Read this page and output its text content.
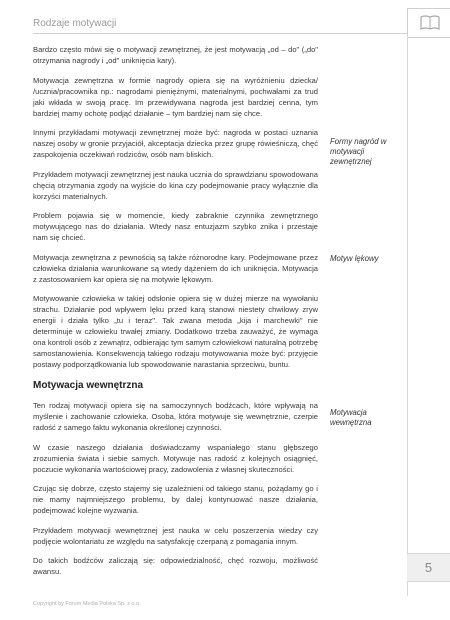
Rodzaje motywacji

Bardzo często mówi się o motywacji zewnętrznej, że jest motywacją „od – do" („do" otrzymania nagrody i „od" uniknięcia kary).

Motywacja zewnętrzna w formie nagrody opiera się na wyróżnieniu dziecka/ /ucznia/pracownika np.: nagrodami pieniężnymi, materialnymi, pochwałami za trud jaki wkłada w swoją pracę. Im przewidywana nagroda jest bardziej cenna, tym bardziej mamy ochotę podjąć działanie – tym bardziej nam się chce.

Innymi przykładami motywacji zewnętrznej może być: nagroda w postaci uznania naszej osoby w gronie przyjaciół, akceptacja dziecka przez grupę rówieśniczą, chęć zaspokojenia oczekiwań rodziców, osób nam bliskich.

Przykładem motywacji zewnętrznej jest nauka ucznia do sprawdzianu spowodowana chęcią otrzymania zgody na wyjście do kina czy podejmowanie pracy wyłącznie dla korzyści materialnych.

Problem pojawia się w momencie, kiedy zabraknie czynnika zewnętrznego motywującego nas do działania. Wtedy nasz entuzjazm szybko znika i przestaje nam się chcieć.

Motywacja zewnętrzna z pewnością są także różnorodne kary. Podejmowane przez człowieka działania warunkowane są wtedy dążeniem do ich uniknięcia. Motywacja z zastosowaniem kar opiera się na motywie lękowym.

Motywowanie człowieka w takiej odsłonie opiera się w dużej mierze na wywołaniu strachu. Działanie pod wpływem lęku przed karą stanowi niestety chwilowy zryw energii i działa tylko „tu i teraz". Tak zwana metoda „kija i marchewki" nie determinuje w człowieku trwałej zmiany. Dodatkowo trzeba zauważyć, że wymaga ona kontroli osób z zewnątrz, odbierając tym samym człowiekowi naturalną potrzebę samostanowienia. Konsekwencją takiego rodzaju motywowania może być: przyjęcie postawy podporządkowania lub spowodowanie narastania sprzeciwu, buntu.

Motywacja wewnętrzna

Ten rodzaj motywacji opiera się na samoczynnych bodźcach, które wpływają na myślenie i zachowanie człowieka. Osoba, która motywuje się wewnętrznie, czerpie radość z samego faktu wykonania określonej czynności.

W czasie naszego działania doświadczamy wspaniałego stanu głębszego zrozumienia świata i siebie samych. Motywuje nas radość z kolejnych osiągnięć, poczucie wykonania wartościowej pracy, zadowolenia z własnej skuteczności.

Czując się dobrze, często stajemy się uzależnieni od takiego stanu, pożądamy go i nie mamy najmniejszego problemu, by dalej kontynuować nasze działania, podejmować kolejne wyzwania.

Przykładem motywacji wewnętrznej jest nauka w celu poszerzenia wiedzy czy podjęcie wolontariatu ze względu na satysfakcję czerpaną z pomagania innym.

Do takich bodźców zaliczają się: odpowiedzialność, chęć rozwoju, możliwość awansu.

Formy nagród w motywacji zewnętrznej
Motyw lękowy
Motywacja wewnętrzna
5
Copyright by Forum Media Polska Sp. z o.o.
